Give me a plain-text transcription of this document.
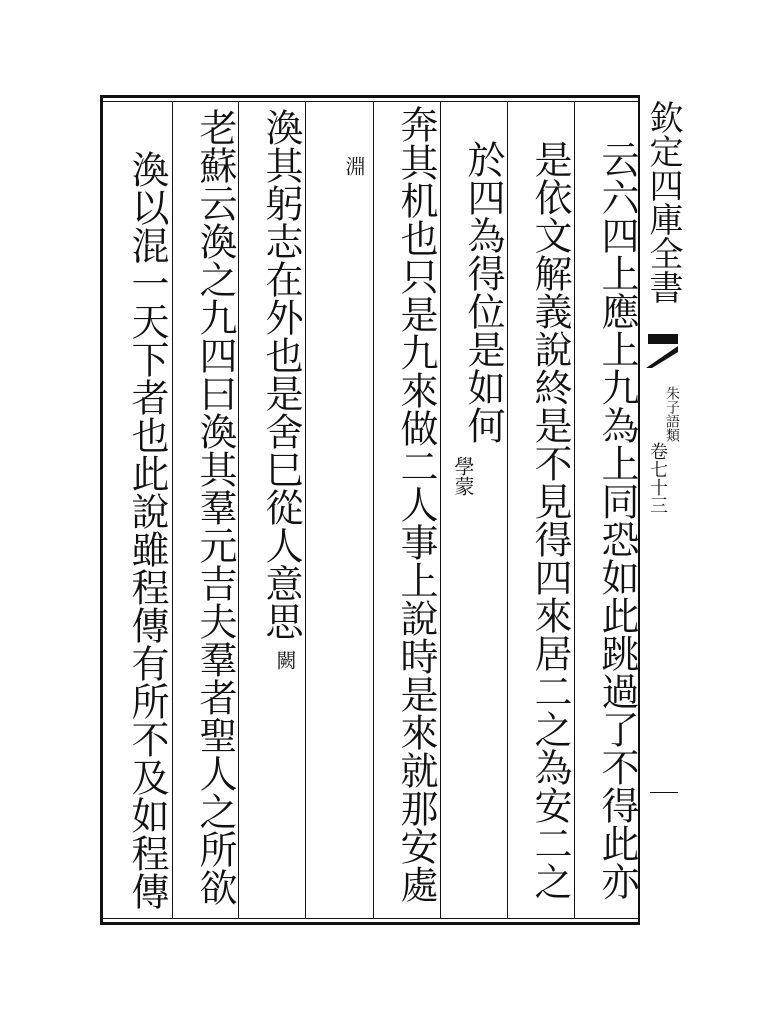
云六四上應上九為上同恐如此跳過了不得此亦
是依文解義說終是不見得四來居二之為安二之
於四為得位是如何
學蒙
奔其机也只是九來做二人事上說時是來就那安處
淵
渙其躬志在外也是舍巳從人意思
闕
老蘇云渙之九四曰渙其羣元吉夫羣者聖人之所欲
渙以混一天下者也此說雖程傳有所不及如程傳	欽定四庫全書
卷七十三
朱子語類
